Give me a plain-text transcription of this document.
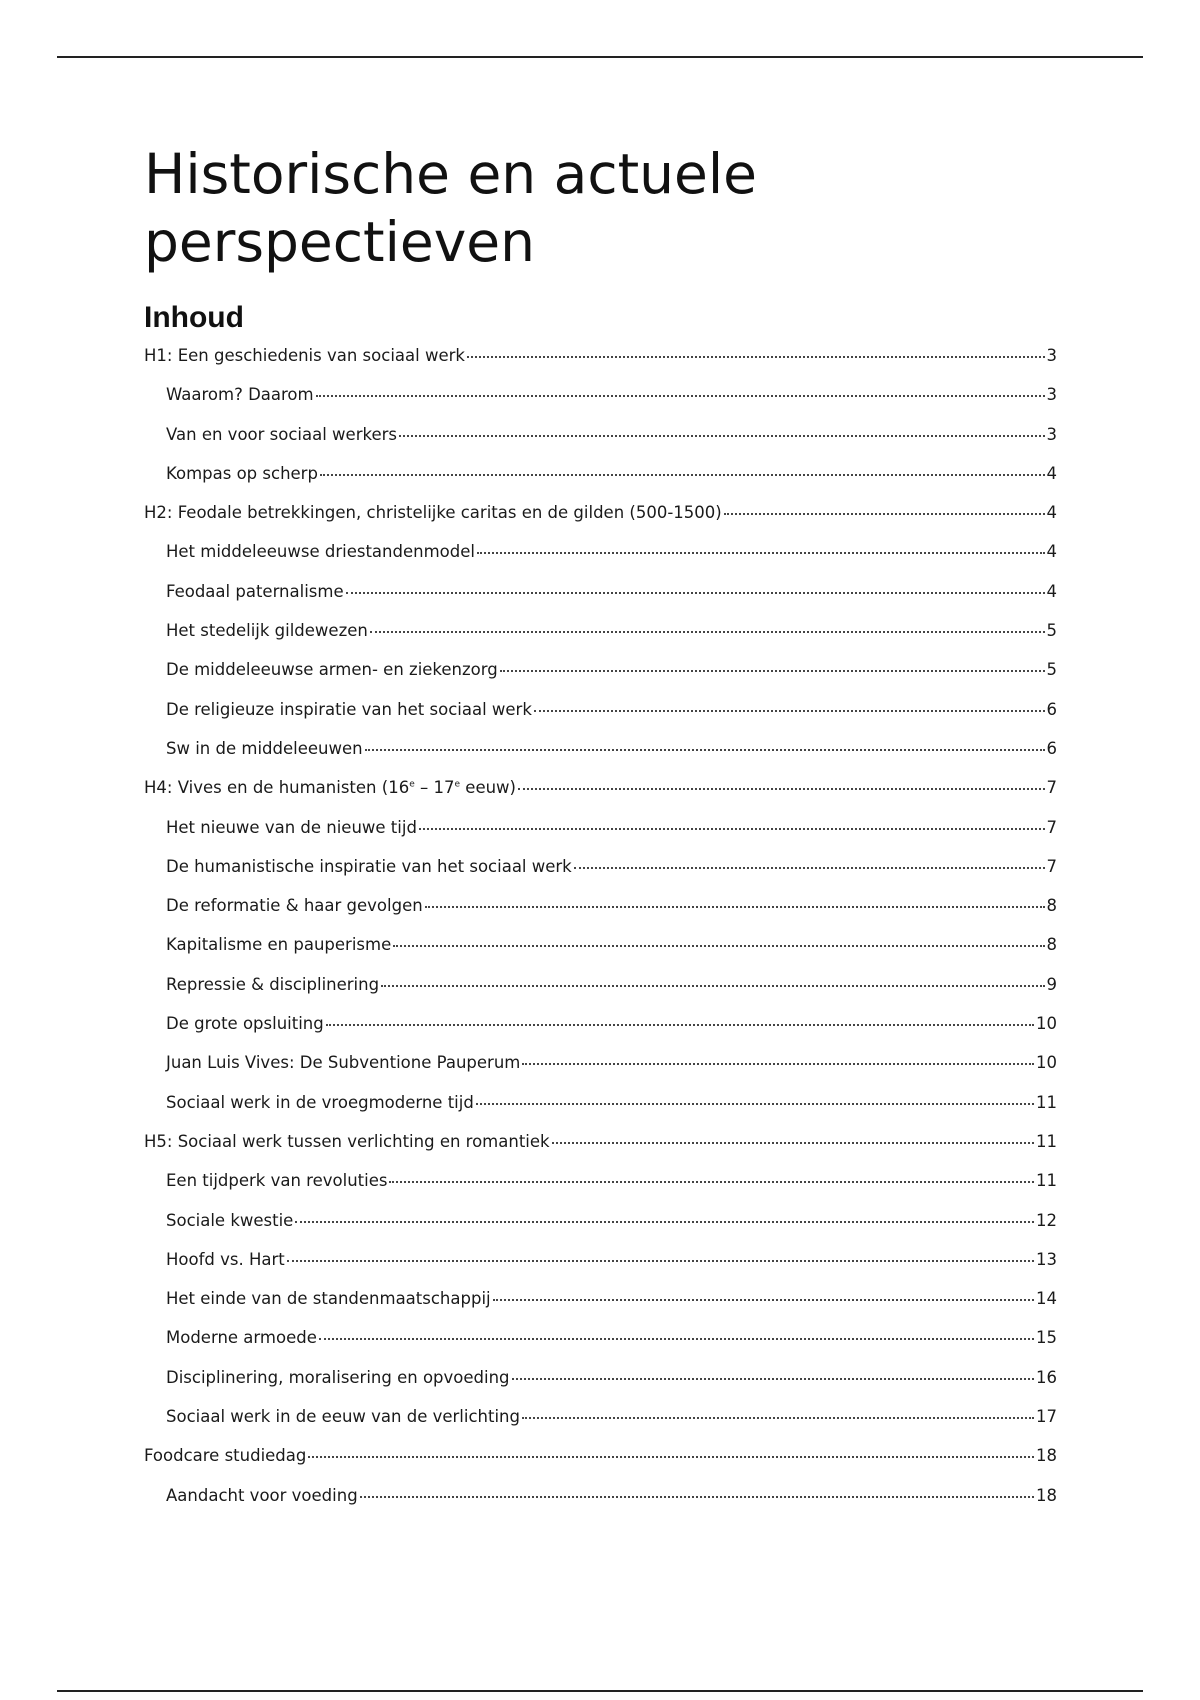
Historische en actuele perspectieven
Inhoud
H1: Een geschiedenis van sociaal werk	3
Waarom? Daarom	3
Van en voor sociaal werkers	3
Kompas op scherp	4
H2: Feodale betrekkingen, christelijke caritas en de gilden (500-1500)	4
Het middeleeuwse driestandenmodel	4
Feodaal paternalisme	4
Het stedelijk gildewezen	5
De middeleeuwse armen- en ziekenzorg	5
De religieuze inspiratie van het sociaal werk	6
Sw in de middeleeuwen	6
H4: Vives en de humanisten (16e – 17e eeuw)	7
Het nieuwe van de nieuwe tijd	7
De humanistische inspiratie van het sociaal werk	7
De reformatie & haar gevolgen	8
Kapitalisme en pauperisme	8
Repressie & disciplinering	9
De grote opsluiting	10
Juan Luis Vives: De Subventione Pauperum	10
Sociaal werk in de vroegmoderne tijd	11
H5: Sociaal werk tussen verlichting en romantiek	11
Een tijdperk van revoluties	11
Sociale kwestie	12
Hoofd vs. Hart	13
Het einde van de standenmaatschappij	14
Moderne armoede	15
Disciplinering, moralisering en opvoeding	16
Sociaal werk in de eeuw van de verlichting	17
Foodcare studiedag	18
Aandacht voor voeding	18
